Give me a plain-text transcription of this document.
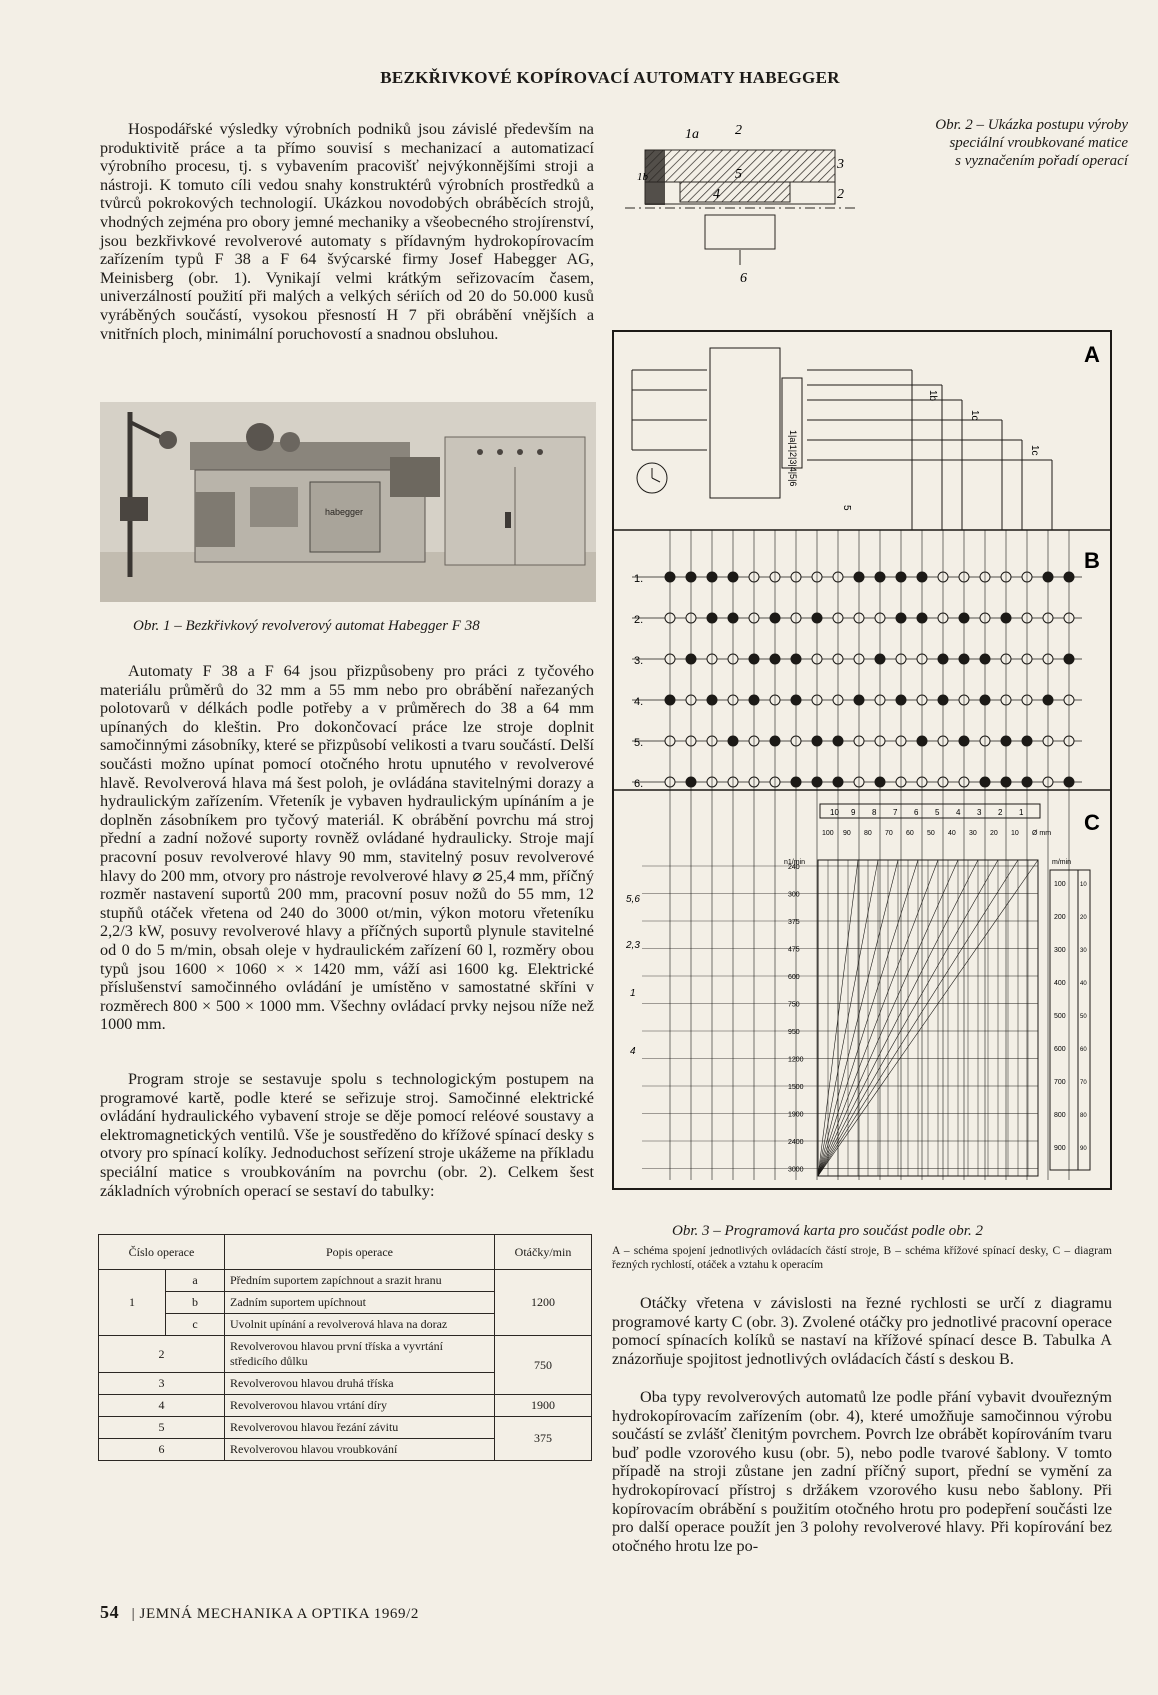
BEZKŘIVKOVÉ KOPÍROVACÍ AUTOMATY HABEGGER
Hospodářské výsledky výrobních podniků jsou závislé především na produktivitě práce a ta přímo souvisí s mechanizací a automatizací výrobního procesu, tj. s vybavením pracovišť nejvýkonnějšími stroji a nástroji. K tomuto cíli vedou snahy konstruktérů výrobních prostředků a tvůrců pokrokových technologií. Ukázkou novodobých obráběcích strojů, vhodných zejména pro obory jemné mechaniky a všeobecného strojírenství, jsou bezkřivkové revolverové automaty s přídavným hydrokopírovacím zařízením typů F 38 a F 64 švýcarské firmy Josef Habegger AG, Meinisberg (obr. 1). Vynikají velmi krátkým seřizovacím časem, univerzálností použití při malých a velkých sériích od 20 do 50.000 kusů vyráběných součástí, vysokou přesností H 7 při obrábění vnějších a vnitřních ploch, minimální poruchovostí a snadnou obsluhou.
habegger
Obr. 1 – Bezkřivkový revolverový automat Habegger F 38
Automaty F 38 a F 64 jsou přizpůsobeny pro práci z tyčového materiálu průměrů do 32 mm a 55 mm nebo pro obrábění nařezaných polotovarů v délkách podle potřeby a v průměrech do 38 a 64 mm upínaných do kleštin. Pro dokončovací práce lze stroje doplnit samočinnými zásobníky, které se přizpůsobí velikosti a tvaru součástí. Delší součásti možno upínat pomocí otočného hrotu upnutého v revolverové hlavě. Revolverová hlava má šest poloh, je ovládána stavitelnými dorazy a hydraulickým zařízením. Vřeteník je vybaven hydraulickým upínáním a je doplněn zásobníkem pro tyčový materiál. K obrábění povrchu má stroj přední a zadní nožové suporty rovněž ovládané hydraulicky. Stroje mají pracovní posuv revolverové hlavy 90 mm, stavitelný posuv revolverové hlavy do 200 mm, otvory pro nástroje revolverové hlavy ⌀ 25,4 mm, příčný rozměr nastavení suportů 200 mm, pracovní posuv nožů do 55 mm, 12 stupňů otáček vřetena od 240 do 3000 ot/min, výkon motoru vřeteníku 2,2/3 kW, posuvy revolverové hlavy a příčných suportů plynule stavitelné od 0 do 5 m/min, obsah oleje v hydraulickém zařízení 60 l, rozměry obou typů jsou 1600 × 1060 × × 1420 mm, váží asi 1600 kg. Elektrické příslušenství samočinného ovládání je umístěno v samostatné skříni v rozměrech 800 × 500 × 1000 mm. Všechny ovládací prvky nejsou níže než 1000 mm.
Program stroje se sestavuje spolu s technologickým postupem na programové kartě, podle které se seřizuje stroj. Samočinné elektrické ovládání hydraulického vybavení stroje se děje pomocí reléové soustavy a elektromagnetických ventilů. Vše je soustředěno do křížové spínací desky s otvory pro spínací kolíky. Jednoduchost seřízení stroje ukážeme na příkladu speciální matice s vroubkováním na povrchu (obr. 2). Celkem šest základních výrobních operací se sestaví do tabulky:
Číslo operace		Popis operace	Otáčky/min
1	a	Předním suportem zapíchnout a srazit hranu	1200
	b	Zadním suportem upíchnout	
	c	Uvolnit upínání a revolverová hlava na doraz	
2		Revolverovou hlavou první tříska a vyvrtání středicího důlku	750
3		Revolverovou hlavou druhá tříska	
4		Revolverovou hlavou vrtání díry	1900
5		Revolverovou hlavou řezání závitu	375
6		Revolverovou hlavou vroubkování	
1a	2
1b
3
5
2
4
6
Obr. 2 – Ukázka postupu výroby
speciální vroubkované matice
s vyznačením pořadí operací
A
1|a|1|2|3|4|5|6
1b
1c
1c
5
B
1.
2.
3.
4.
5.
6.
C
10 9 8 7 6 5 4 3 2 1
100 90 80 70 60 50 40 30 20 10 Ø mm
m/min
n1/min
240
300
375
475
600
750
950
1200
1500
1900
2400
3000
100 10
200 20
300 30
400 40
500 50
600 60
700 70
800 80
900 90
5,6
2,3
1
4
Obr. 3 – Programová karta pro součást podle obr. 2
A – schéma spojení jednotlivých ovládacích částí stroje, B – schéma křížové spínací desky, C – diagram řezných rychlostí, otáček a vztahu k operacím
Otáčky vřetena v závislosti na řezné rychlosti se určí z diagramu programové karty C (obr. 3). Zvolené otáčky pro jednotlivé pracovní operace pomocí spínacích kolíků se nastaví na křížové spínací desce B. Tabulka A znázorňuje spojitost jednotlivých ovládacích částí s deskou B.
Oba typy revolverových automatů lze podle přání vybavit dvouřezným hydrokopírovacím zařízením (obr. 4), které umožňuje samočinnou výrobu součástí se zvlášť členitým povrchem. Povrch lze obrábět kopírováním tvaru buď podle vzorového kusu (obr. 5), nebo podle tvarové šablony. V tomto případě na stroji zůstane jen zadní příčný suport, přední se vymění za hydrokopírovací přístroj s držákem vzorového kusu nebo šablony. Při kopírovacím obrábění s použitím otočného hrotu pro podepření součásti lze pro další operace použít jen 3 polohy revolverové hlavy. Při kopírování bez otočného hrotu lze po-
54 | JEMNÁ MECHANIKA A OPTIKA 1969/2
